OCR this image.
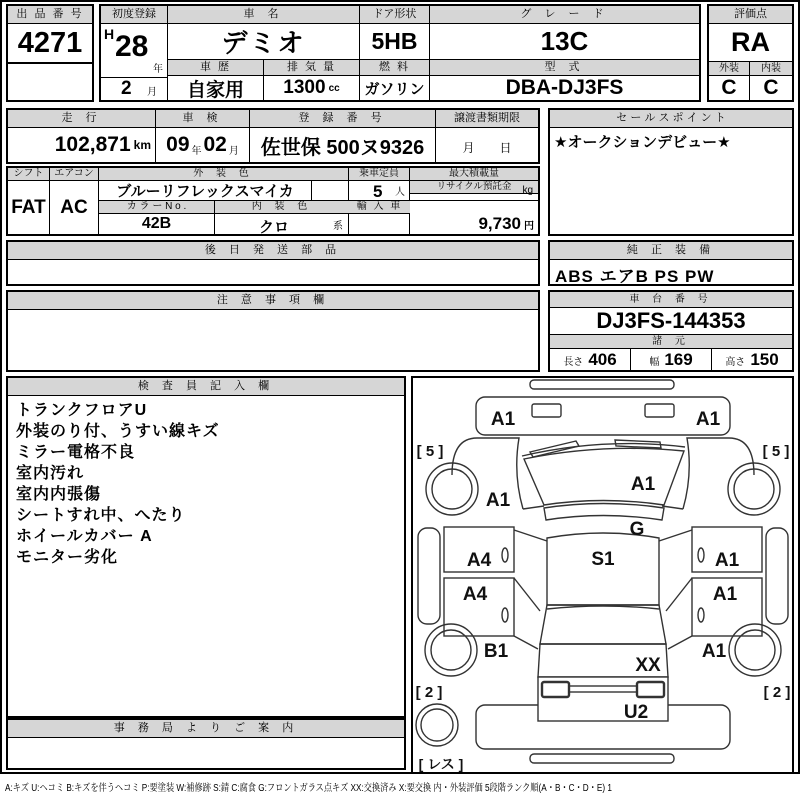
出 品 番 号
4271
初度登録
H 28
年
2 月
車 名
デミオ
車 歴	排 気 量
自家用	1300 cc
ドア形状
5HB
燃 料
ガソリン
グ レ ー ド
13C
型 式
DBA-DJ3FS
評価点
RA
外装	内装
C	C
走 行
102,871 km
車 検
09 年 02 月
登 録 番 号
佐世保 500ヌ9326
譲渡書類期限
月 日
シフト
FAT
エアコン
AC
外 装 色
ブルーリフレックスマイカ
カ ラ ー N o .	内 装 色
42B	クロ	系
乗車定員
5 人
輸 入 車
最大積載量
kg
リサイクル預託金
9,730 円
セ ー ル ス ポ イ ン ト
★オークションデビュー★
後 日 発 送 部 品	純 正 装 備
ABS エアB PS PW
注 意 事 項 欄	車 台 番 号
DJ3FS-144353
諸 元
長さ 406	幅 169	高さ 150
検 査 員 記 入 欄
トランクフロアU
外装のり付、うすい線キズ
ミラー電格不良
室内汚れ
室内内張傷
シートすれ中、へたり
ホイールカバー A
モニター劣化
事 務 局 よ り ご 案 内
A1	A1
[ 5 ]	[ 5 ]
A1
A1
G
S1
A4	A1
A4	A1
B1	A1
XX
[ 2 ]	[ 2 ]
U2
[ レス ]
A:キズ U:ヘコミ B:キズを伴うヘコミ P:要塗装 W:補修跡 S:錆 C:腐食 G:フロントガラス点キズ XX:交換済み X:要交換 内・外装評価 5段階ランク順(A・B・C・D・E) 1
